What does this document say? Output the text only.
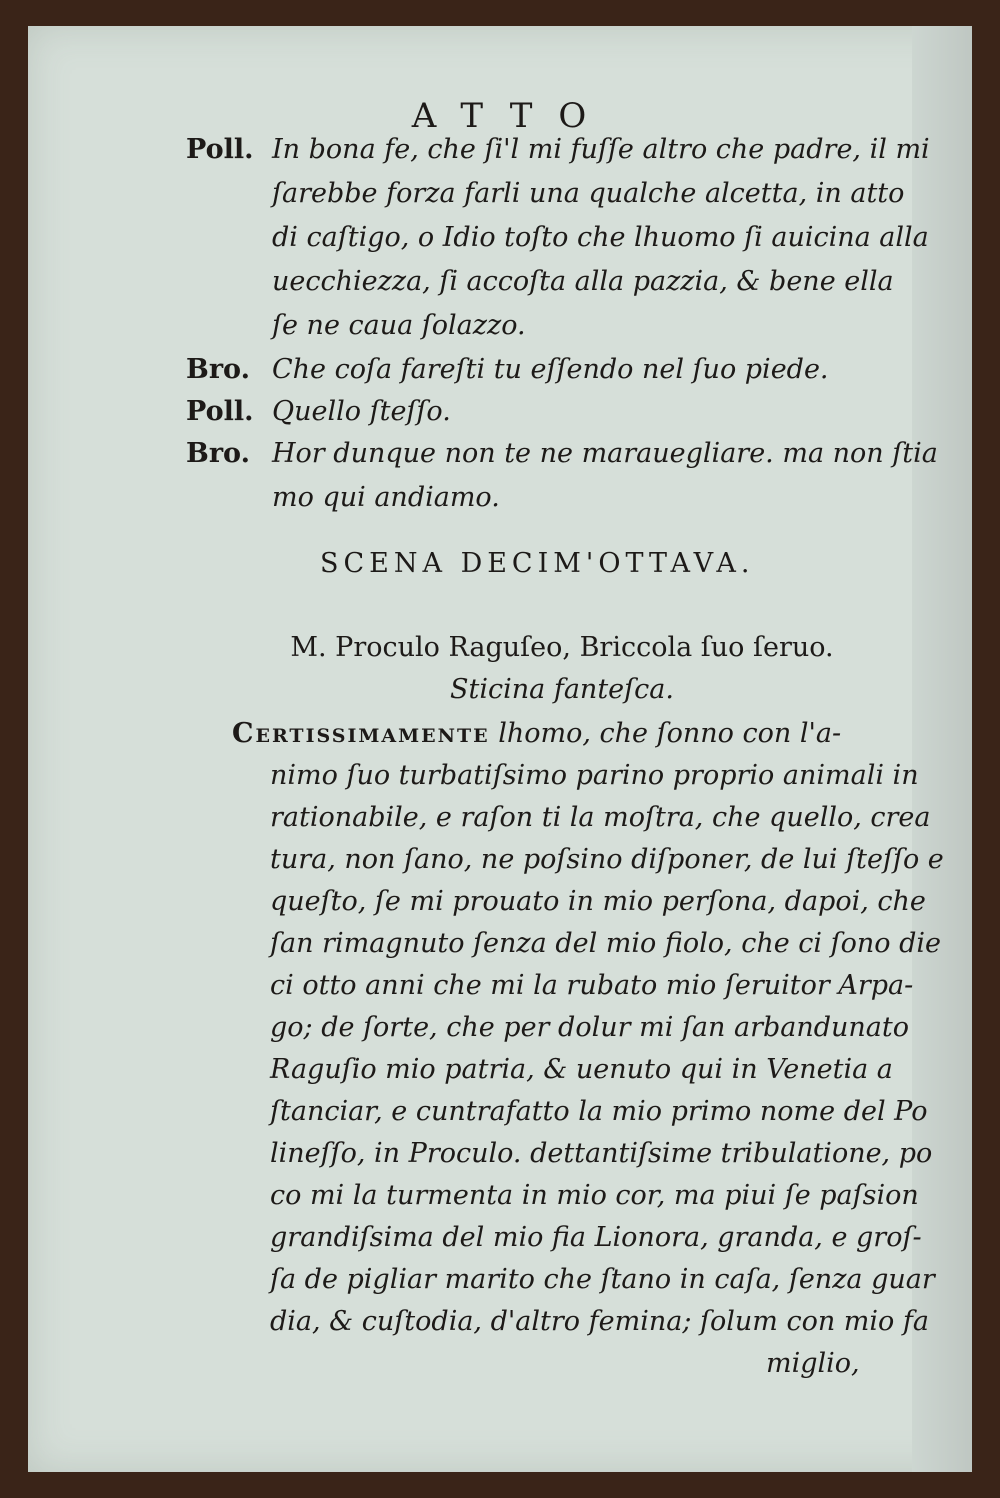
ATTO
Poll. In bona fe, che ſi'l mi fuſſe altro che padre, il mi
ſarebbe forza farli una qualche alcetta, in atto
di caſtigo, o Idio toſto che lhuomo ſi auicina alla
uecchiezza, ſi accoſta alla pazzia, & bene ella
ſe ne caua ſolazzo.
Bro. Che coſa fareſti tu eſſendo nel ſuo piede.
Poll. Quello ſteſſo.
Bro. Hor dunque non te ne marauegliare. ma non ſtia
mo qui andiamo.
SCENA DECIM'OTTAVA.
M. Proculo Raguſeo, Briccola ſuo ſeruo.
Sticina fanteſca.
Certissimamente lhomo, che ſonno con l'a-
nimo ſuo turbatiſsimo parino proprio animali in
rationabile, e raſon ti la moſtra, che quello, crea
tura, non ſano, ne poſsino diſponer, de lui ſteſſo e
queſto, ſe mi prouato in mio perſona, dapoi, che
ſan rimagnuto ſenza del mio fiolo, che ci ſono die
ci otto anni che mi la rubato mio ſeruitor Arpa-
go; de ſorte, che per dolur mi ſan arbandunato
Raguſio mio patria, & uenuto qui in Venetia a
ſtanciar, e cuntrafatto la mio primo nome del Po
lineſſo, in Proculo. dettantiſsime tribulatione, po
co mi la turmenta in mio cor, ma piui ſe paſsion
grandiſsima del mio fia Lionora, granda, e groſ-
ſa de pigliar marito che ſtano in caſa, ſenza guar
dia, & cuſtodia, d'altro femina; ſolum con mio fa
miglio,
